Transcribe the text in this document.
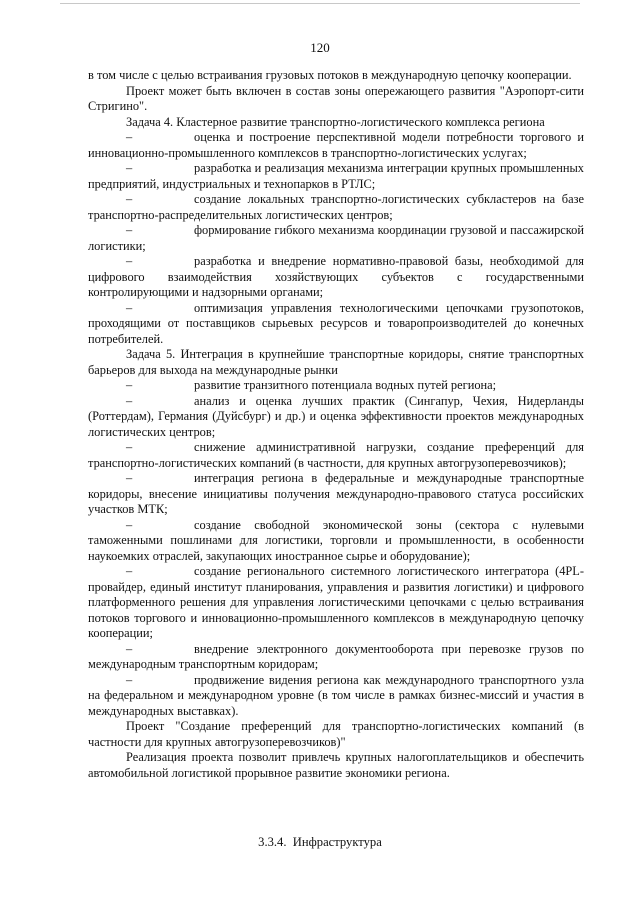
120

в том числе с целью встраивания грузовых потоков в международную цепочку кооперации.

Проект может быть включен в состав зоны опережающего развития "Аэропорт-сити Стригино".

Задача 4. Кластерное развитие транспортно-логистического комплекса региона

–	оценка и построение перспективной модели потребности торгового и инновационно-промышленного комплексов в транспортно-логистических услугах;

–	разработка и реализация механизма интеграции крупных промышленных предприятий, индустриальных и технопарков в РТЛС;

–	создание локальных транспортно-логистических субкластеров на базе транспортно-распределительных логистических центров;

–	формирование гибкого механизма координации грузовой и пассажирской логистики;

–	разработка и внедрение нормативно-правовой базы, необходимой для цифрового взаимодействия хозяйствующих субъектов с государственными контролирующими и надзорными органами;

–	оптимизация управления технологическими цепочками грузопотоков, проходящими от поставщиков сырьевых ресурсов и товаропроизводителей до конечных потребителей.

Задача 5. Интеграция в крупнейшие транспортные коридоры, снятие транспортных барьеров для выхода на международные рынки

–	развитие транзитного потенциала водных путей региона;

–	анализ и оценка лучших практик (Сингапур, Чехия, Нидерланды (Роттердам), Германия (Дуйсбург) и др.) и оценка эффективности проектов международных логистических центров;

–	снижение административной нагрузки, создание преференций для транспортно-логистических компаний (в частности, для крупных автогрузоперевозчиков);

–	интеграция региона в федеральные и международные транспортные коридоры, внесение инициативы получения международно-правового статуса российских участков МТК;

–	создание свободной экономической зоны (сектора с нулевыми таможенными пошлинами для логистики, торговли и промышленности, в особенности наукоемких отраслей, закупающих иностранное сырье и оборудование);

–	создание регионального системного логистического интегратора (4PL-провайдер, единый институт планирования, управления и развития логистики) и цифрового платформенного решения для управления логистическими цепочками с целью встраивания потоков торгового и инновационно-промышленного комплексов в международную цепочку кооперации;

–	внедрение электронного документооборота при перевозке грузов по международным транспортным коридорам;

–	продвижение видения региона как международного транспортного узла на федеральном и международном уровне (в том числе в рамках бизнес-миссий и участия в международных выставках).

Проект "Создание преференций для транспортно-логистических компаний (в частности для крупных автогрузоперевозчиков)"

Реализация проекта позволит привлечь крупных налогоплательщиков и обеспечить автомобильной логистикой прорывное развитие экономики региона.

3.3.4.  Инфраструктура
